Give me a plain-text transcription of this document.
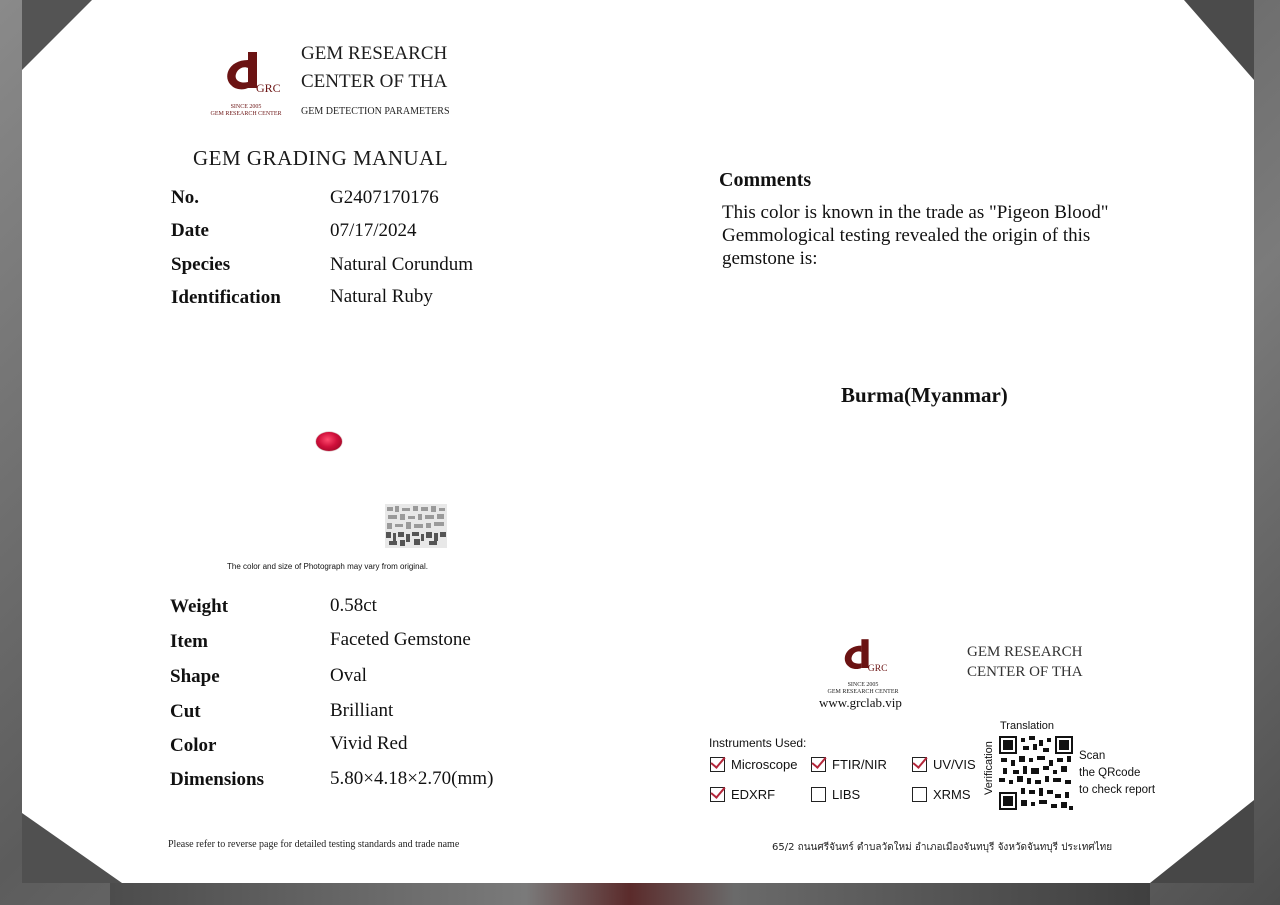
GRC
SINCE 2005
GEM RESEARCH CENTER
GEM RESEARCH
CENTER OF THA
GEM DETECTION PARAMETERS
GEM GRADING MANUAL
No.	G2407170176
Date	07/17/2024
Species	Natural Corundum
Identification	Natural Ruby
The color and size of Photograph may vary from original.
Weight	0.58ct
Item	Faceted Gemstone
Shape	Oval
Cut	Brilliant
Color	Vivid Red
Dimensions	5.80×4.18×2.70(mm)
Please refer to reverse page for detailed testing standards and trade name
Comments
This color is known in the trade as "Pigeon Blood"
Gemmological testing revealed the origin of this
gemstone is:
Burma(Myanmar)
GRC
SINCE 2005
GEM RESEARCH CENTER
www.grclab.vip
GEM RESEARCH
CENTER OF THA
Instruments Used:
Microscope	FTIR/NIR	UV/VIS
EDXRF	LIBS	XRMS Verification
Translation
Scan
the QRcode
to check report
65/2 ถนนศรีจันทร์ ตำบลวัดใหม่ อำเภอเมืองจันทบุรี จังหวัดจันทบุรี ประเทศไทย
